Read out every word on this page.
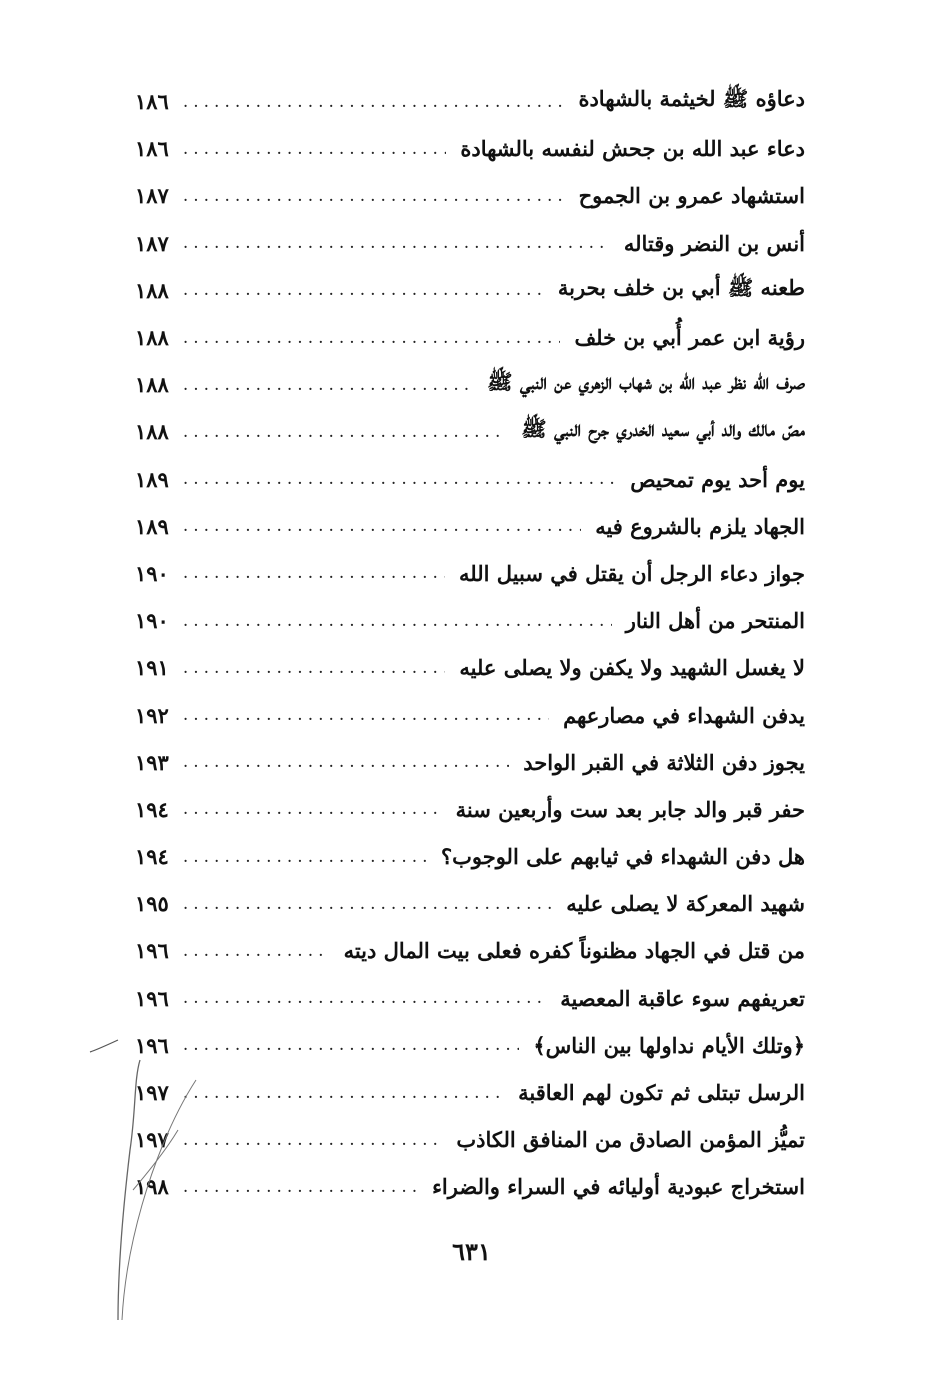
دعاؤه ﷺ لخيثمة بالشهادة
.....
١٨٦
دعاء عبد الله بن جحش لنفسه بالشهادة
.....
١٨٦
استشهاد عمرو بن الجموح
.....
١٨٧
أنس بن النضر وقتاله
.....
١٨٧
طعنه ﷺ أبي بن خلف بحربة
.....
١٨٨
رؤية ابن عمر أُبي بن خلف
.....
١٨٨
صرف الله نظر عبد الله بن شهاب الزهري عن النبي ﷺ
.....
١٨٨
مصّ مالك والد أبي سعيد الخدري جرح النبي ﷺ
.....
١٨٨
يوم أحد يوم تمحيص
.....
١٨٩
الجهاد يلزم بالشروع فيه
.....
١٨٩
جواز دعاء الرجل أن يقتل في سبيل الله
.....
١٩٠
المنتحر من أهل النار
.....
١٩٠
لا يغسل الشهيد ولا يكفن ولا يصلى عليه
.....
١٩١
يدفن الشهداء في مصارعهم
.....
١٩٢
يجوز دفن الثلاثة في القبر الواحد
.....
١٩٣
حفر قبر والد جابر بعد ست وأربعين سنة
.....
١٩٤
هل دفن الشهداء في ثيابهم على الوجوب؟
.....
١٩٤
شهيد المعركة لا يصلى عليه
.....
١٩٥
من قتل في الجهاد مظنوناً كفره فعلى بيت المال ديته
.....
١٩٦
تعريفهم سوء عاقبة المعصية
.....
١٩٦
﴿وتلك الأيام نداولها بين الناس﴾
.....
١٩٦
الرسل تبتلى ثم تكون لهم العاقبة
.....
١٩٧
تميُّز المؤمن الصادق من المنافق الكاذب
.....
١٩٧
استخراج عبودية أوليائه في السراء والضراء
.....
١٩٨
٦٣١
